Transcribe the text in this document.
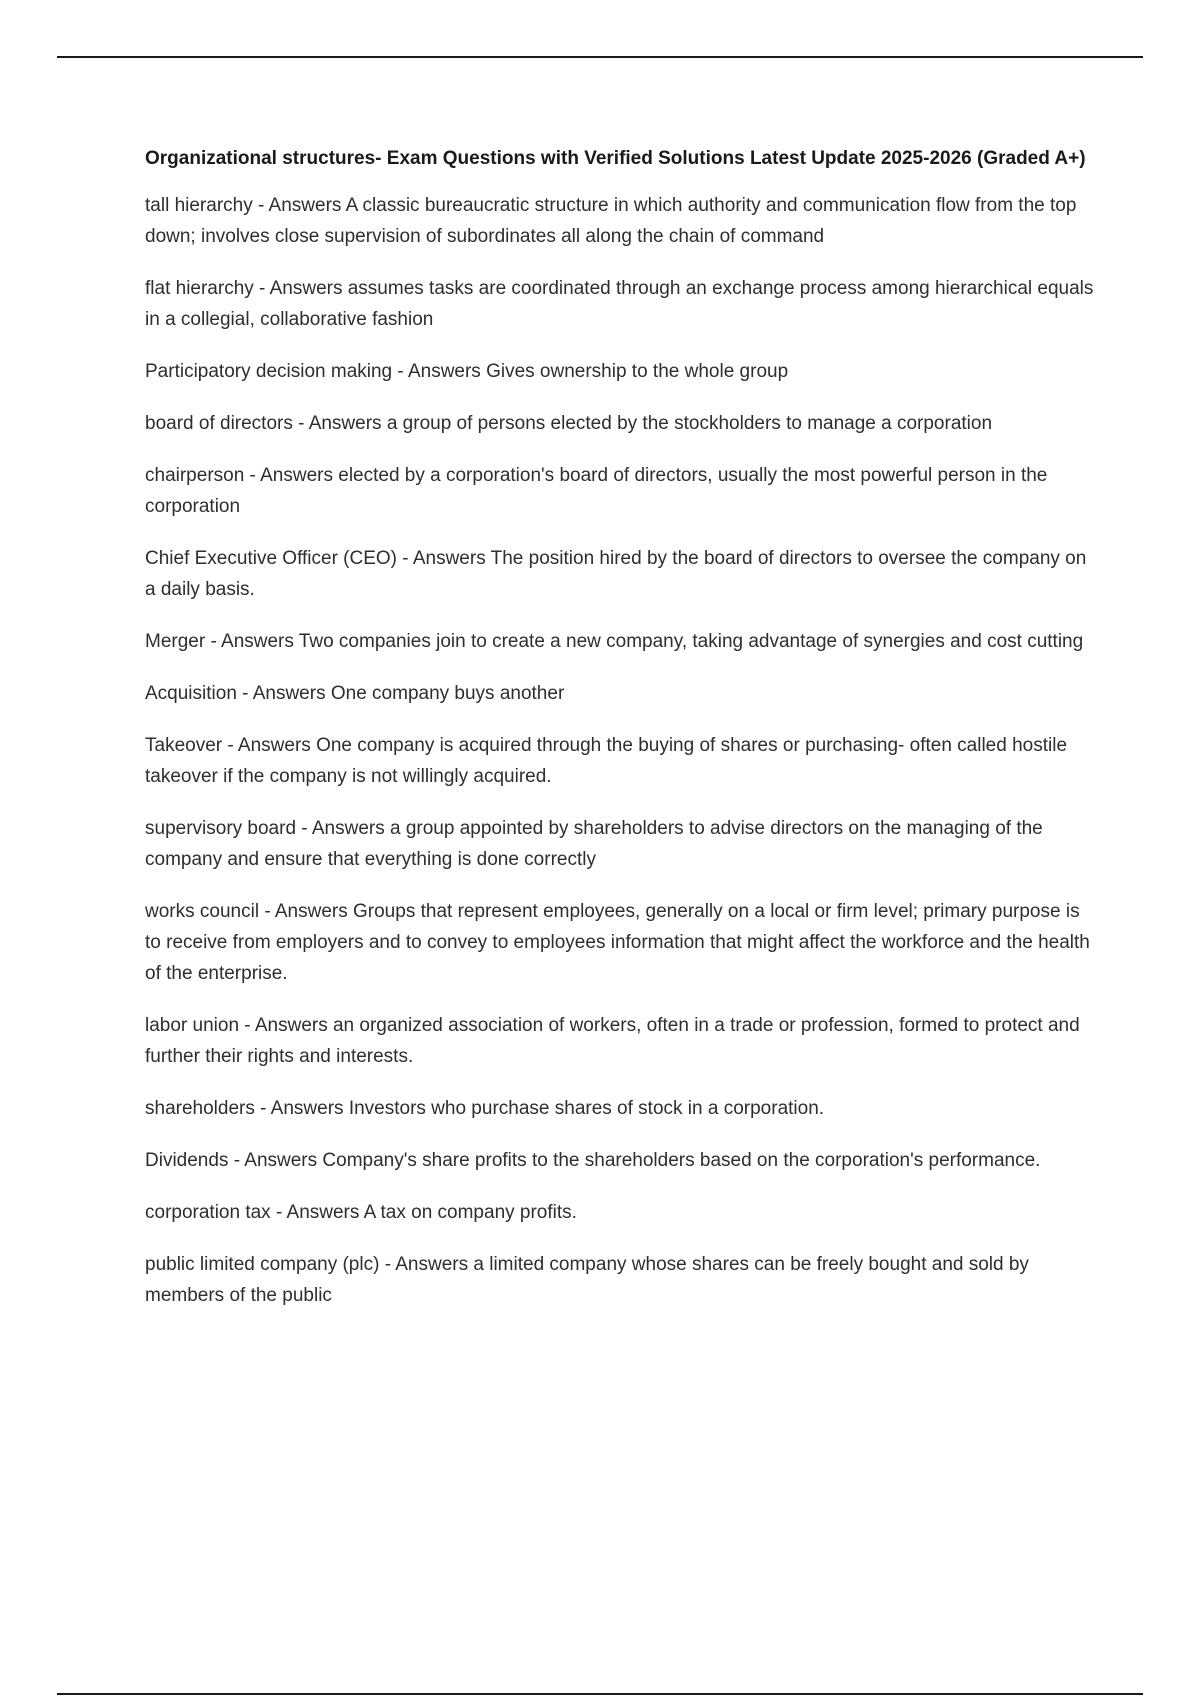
Organizational structures- Exam Questions with Verified Solutions Latest Update 2025-2026 (Graded A+)

tall hierarchy - Answers A classic bureaucratic structure in which authority and communication flow from the top down; involves close supervision of subordinates all along the chain of command

flat hierarchy - Answers assumes tasks are coordinated through an exchange process among hierarchical equals in a collegial, collaborative fashion

Participatory decision making - Answers Gives ownership to the whole group

board of directors - Answers a group of persons elected by the stockholders to manage a corporation

chairperson - Answers elected by a corporation's board of directors, usually the most powerful person in the corporation

Chief Executive Officer (CEO) - Answers The position hired by the board of directors to oversee the company on a daily basis.

Merger - Answers Two companies join to create a new company, taking advantage of synergies and cost cutting

Acquisition - Answers One company buys another

Takeover - Answers One company is acquired through the buying of shares or purchasing- often called hostile takeover if the company is not willingly acquired.

supervisory board - Answers a group appointed by shareholders to advise directors on the managing of the company and ensure that everything is done correctly

works council - Answers Groups that represent employees, generally on a local or firm level; primary purpose is to receive from employers and to convey to employees information that might affect the workforce and the health of the enterprise.

labor union - Answers an organized association of workers, often in a trade or profession, formed to protect and further their rights and interests.

shareholders - Answers Investors who purchase shares of stock in a corporation.

Dividends - Answers Company's share profits to the shareholders based on the corporation's performance.

corporation tax - Answers A tax on company profits.

public limited company (plc) - Answers a limited company whose shares can be freely bought and sold by members of the public
